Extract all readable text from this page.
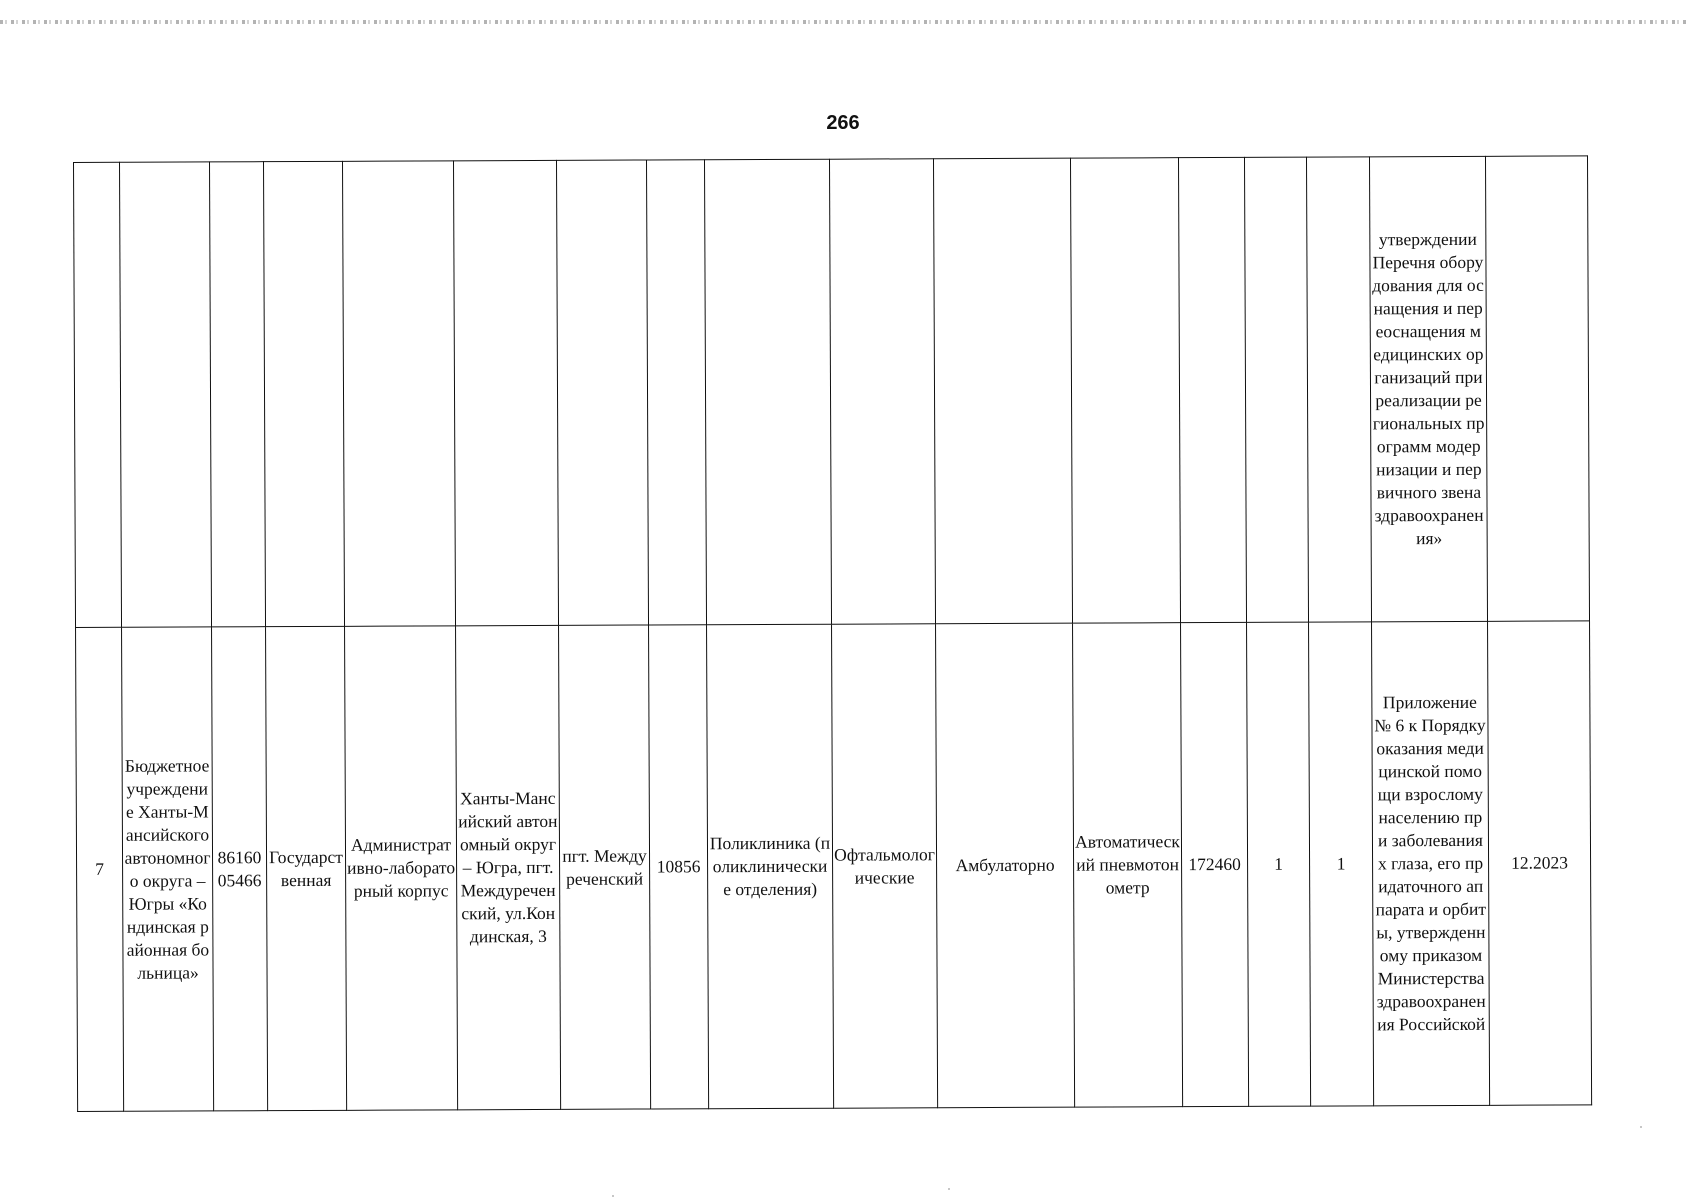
266
															утверждении Перечня оборудования для оснащения и переоснащения медицинских организаций при реализации региональных программ модернизации и первичного звена здравоохранения»	
7	Бюджетное учреждение Ханты-Мансийского автономного округа – Югры «Кондинская районная больница»	8616005466	Государственная	Административно-лабораторный корпус	Ханты-Мансийский автономный округ – Югра, пгт. Междуреченский, ул.Кондинская, 3	пгт. Междуреченский	10856	Поликлиника (поликлинические отделения)	Офтальмологические	Амбулаторно	Автоматический пневмотонометр	172460	1	1	Приложение № 6 к Порядку оказания медицинской помощи взрослому населению при заболеваниях глаза, его придаточного аппарата и орбиты, утвержденному приказом Министерства здравоохранения Российской	12.2023
